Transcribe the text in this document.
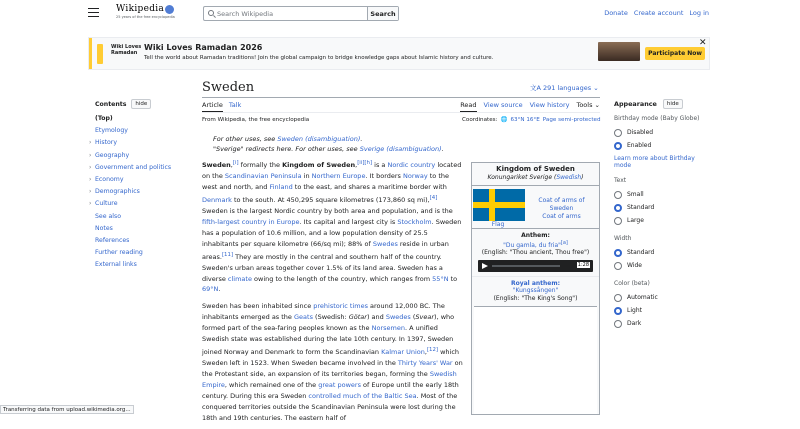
Wikipedia
25 years of the free encyclopedia
Search Wikipedia	Search	Donate Create account Log in
Wiki Loves Ramadan
Wiki Loves Ramadan 2026
Tell the world about Ramadan traditions! Join the global campaign to bridge knowledge gaps about Islamic history and culture.
Participate Now
✕
Sweden	文A 291 languages ⌄
Article Talk	Read View source View history Tools ⌄
Contents	hide
(Top)
Etymology
› History
› Geography
› Government and politics
› Economy
› Demographics
› Culture
See also
Notes
References
Further reading
External links
From Wikipedia, the free encyclopedia	Coordinates: 🌐 63°N 16°E Page semi-protected
For other uses, see Sweden (disambiguation).
"Sverige" redirects here. For other uses, see Sverige (disambiguation).

Sweden,[i] formally the Kingdom of Sweden,[ii][h] is a Nordic country located on the Scandinavian Peninsula in Northern Europe. It borders Norway to the west and north, and Finland to the east, and shares a maritime border with Denmark to the south. At 450,295 square kilometres (173,860 sq mi),[4] Sweden is the largest Nordic country by both area and population, and is the fifth-largest country in Europe. Its capital and largest city is Stockholm. Sweden has a population of 10.6 million, and a low population density of 25.5 inhabitants per square kilometre (66/sq mi); 88% of Swedes reside in urban areas.[11] They are mostly in the central and southern half of the country. Sweden's urban areas together cover 1.5% of its land area. Sweden has a diverse climate owing to the length of the country, which ranges from 55°N to 69°N.

Sweden has been inhabited since prehistoric times around 12,000 BC. The inhabitants emerged as the Geats (Swedish: Götar) and Swedes (Svear), who formed part of the sea-faring peoples known as the Norsemen. A unified Swedish state was established during the late 10th century. In 1397, Sweden joined Norway and Denmark to form the Scandinavian Kalmar Union,[12] which Sweden left in 1523. When Sweden became involved in the Thirty Years' War on the Protestant side, an expansion of its territories began, forming the Swedish Empire, which remained one of the great powers of Europe until the early 18th century. During this era Sweden controlled much of the Baltic Sea. Most of the conquered territories outside the Scandinavian Peninsula were lost during the 18th and 19th centuries. The eastern half of

Kingdom of Sweden
Konungariket Sverige (Swedish)
Flag
Coat of arms of
Sweden
Coat of arms
Anthem:
"Du gamla, du fria"[a]
(English: "Thou ancient, Thou free")
1:28
Royal anthem:
"Kungssången"
(English: "The King's Song")
Appearance	hide
Birthday mode (Baby Globe)
Disabled
Enabled
Learn more about Birthday mode
Text
Small
Standard
Large
Width
Standard
Wide
Color (beta)
Automatic
Light
Dark
Transferring data from upload.wikimedia.org...
